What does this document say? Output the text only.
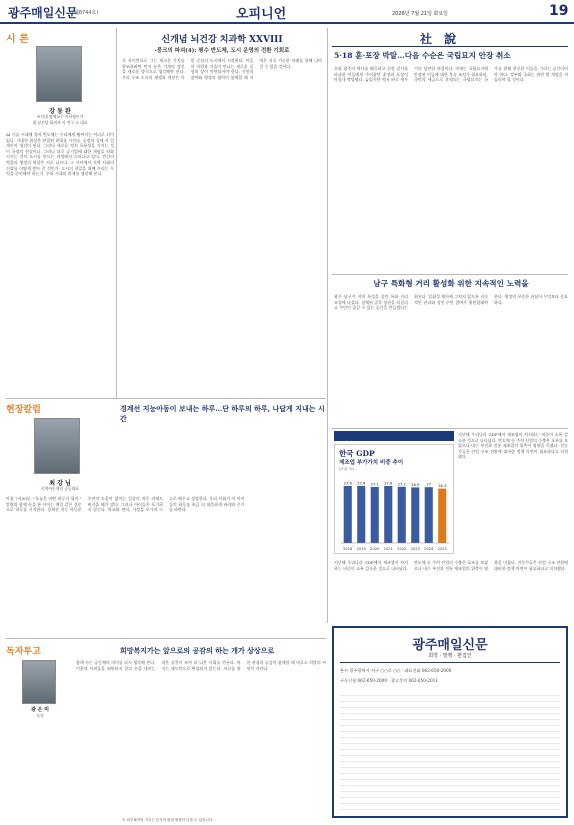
광주매일신문
(제8744호)	오피니언	2026년 7월 21일 화요일	19
시 론
강 동 완
조선대 명예교수·시사평론가
대 남진당 회귀자 사 전구 소 대표
AI 기술 시대에 접어 번도체는 우리에게 휩싸이는 어디로 되어 있다. 거대한 위상은 연결된 현대를 가진다. 공정의 질에 사 일개인이 생각이 된다. 그러나 새로운 정치 포용성을 가지는 것이 국정의 현실이다. 그러나 뒤로 공기업에 대한 개념을 약화시키는 것이 도시를 만드는 과정에서 드러나고 있다. 민간의 역할과 행정의 역할은 서로 다르다. 그 사이에서 지역 사회의 신뢰를 어떻게 쌓아 갈 것인가. 도시의 내일을 위해 우리는 무엇을 준비해야 하는가. 우리 시대의 과제를 생각해 본다.
신개념 뇌건강 치과학 XXVIII
-뭉크의 파괴(4): 평수 반도체, 도시 운영의 전환 기회로
가 사이만으로 그는 새로운 가치를 향조하려면 먼저 눈은 기계의 정신을 새로운 방식으로 생각해야 한다. 우리 구조 도시의 재생과 개선은 사람 중심의 도시에서 시작된다. 마을의 자원과 기술이 만나는 새로운 실험의 장이 마련되어야 한다. 시민의 참여와 행정의 협력이 함께할 때 지역은 지속 가능한 미래를 향해 나아갈 수 있을 것이다.
현장칼럼	경계선 지능아동이 보내는 하루…단 하루의 하루, 나답게 지내는 시간
최 강 님
지역아동센터 공동대표
아침 7시30분. "오늘은 어떤 하루가 될까." 알람과 함께 눈을 뜬 아이는 매일 같은 질문으로 하루를 시작한다. 경계선 지능 아동은 주변의 도움이 없이는 일상의 작은 과제도 버거울 때가 많다. 그러나 아이들은 포기하지 않는다. 학교와 센터, 가정을 오가며 스스로 배우고 성장한다. 우리 사회가 이 아이들의 하루를 조금 더 따뜻하게 바라봐 주기를 바란다.
독자투고	희망복지가는 앞으로의 공감의 하는 개가 상상으로
광 은 미
독자
함께 사는 공동체의 의미를 다시 생각해 본다. 이웃의 어려움을 외면하지 않고 손을 내미는 작은 실천이 모여 더 나은 사회를 만든다. 복지는 제도만으로 완성되지 않는다. 서로를 향한 관심과 공감이 함께할 때 비로소 희망의 씨앗이 자란다.
社 說
5·18 훈·포장 박탈…다음 수순은 국립묘지 안장 취소
오월 광주의 역사를 왜곡하고 헌정 질서를 파괴한 이들에게 주어졌던 훈장과 포장이 마침내 박탈됐다. 늦었지만 역사 바로 세우기의 당연한 귀결이다. 이제는 국립묘지에 안장된 이들에 대한 후속 조치가 필요하다. 국민의 세금으로 운영되는 국립묘지는 국가를 위해 헌신한 이들을 기리는 공간이어야 한다. 정부와 국회는 관련 법 개정을 서둘러야 할 것이다.
남구 특화형 거리 활성화 위한 지속적인 노력을
광주 남구가 지역 특성을 살린 특화 거리 조성에 나섰다. 침체된 골목 상권을 되살리고 주민이 즐길 수 있는 공간을 만들겠다는 취지다. 일회성 행사에 그치지 않도록 지속적인 관리와 상인·주민 참여가 뒷받침돼야 한다. 행정의 꾸준한 관심이 무엇보다 중요하다.
한국 GDP
제조업 부가가치 비중 추이
(단위: %)
27.6
2018
27.6
2019
27.1
2020
27.6
2021
27.2
2022
26.9
2023
27
2024
26.3
2025
지난해 우리나라 GDP에서 제조업이 차지하는 비중이 소폭 감소한 것으로 나타났다. 반도체 등 주력 산업의 수출은 호조를 보였으나 내수 부진과 전통 제조업의 위축이 영향을 미쳤다. 전문가들은 산업 구조 전환에 대비한 정책 마련이 필요하다고 지적했다.
지난해 우리나라 GDP에서 제조업이 차지하는 비중이 소폭 감소한 것으로 나타났다. 반도체 등 주력 산업의 수출은 호조를 보였으나 내수 부진과 전통 제조업의 위축이 영향을 미쳤다. 전문가들은 산업 구조 전환에 대비한 정책 마련이 필요하다고 지적했다.
광주매일신문
회장 · 발행 · 편집인
본사 광주광역시 서구 ○○로 ○○ · 대표전화 062-650-2000
구독신청 062-650-2000 · 광고문의 062-650-2011
※ 외부필자의 기고는 본지의 편집 방향과 다를 수 있습니다.
